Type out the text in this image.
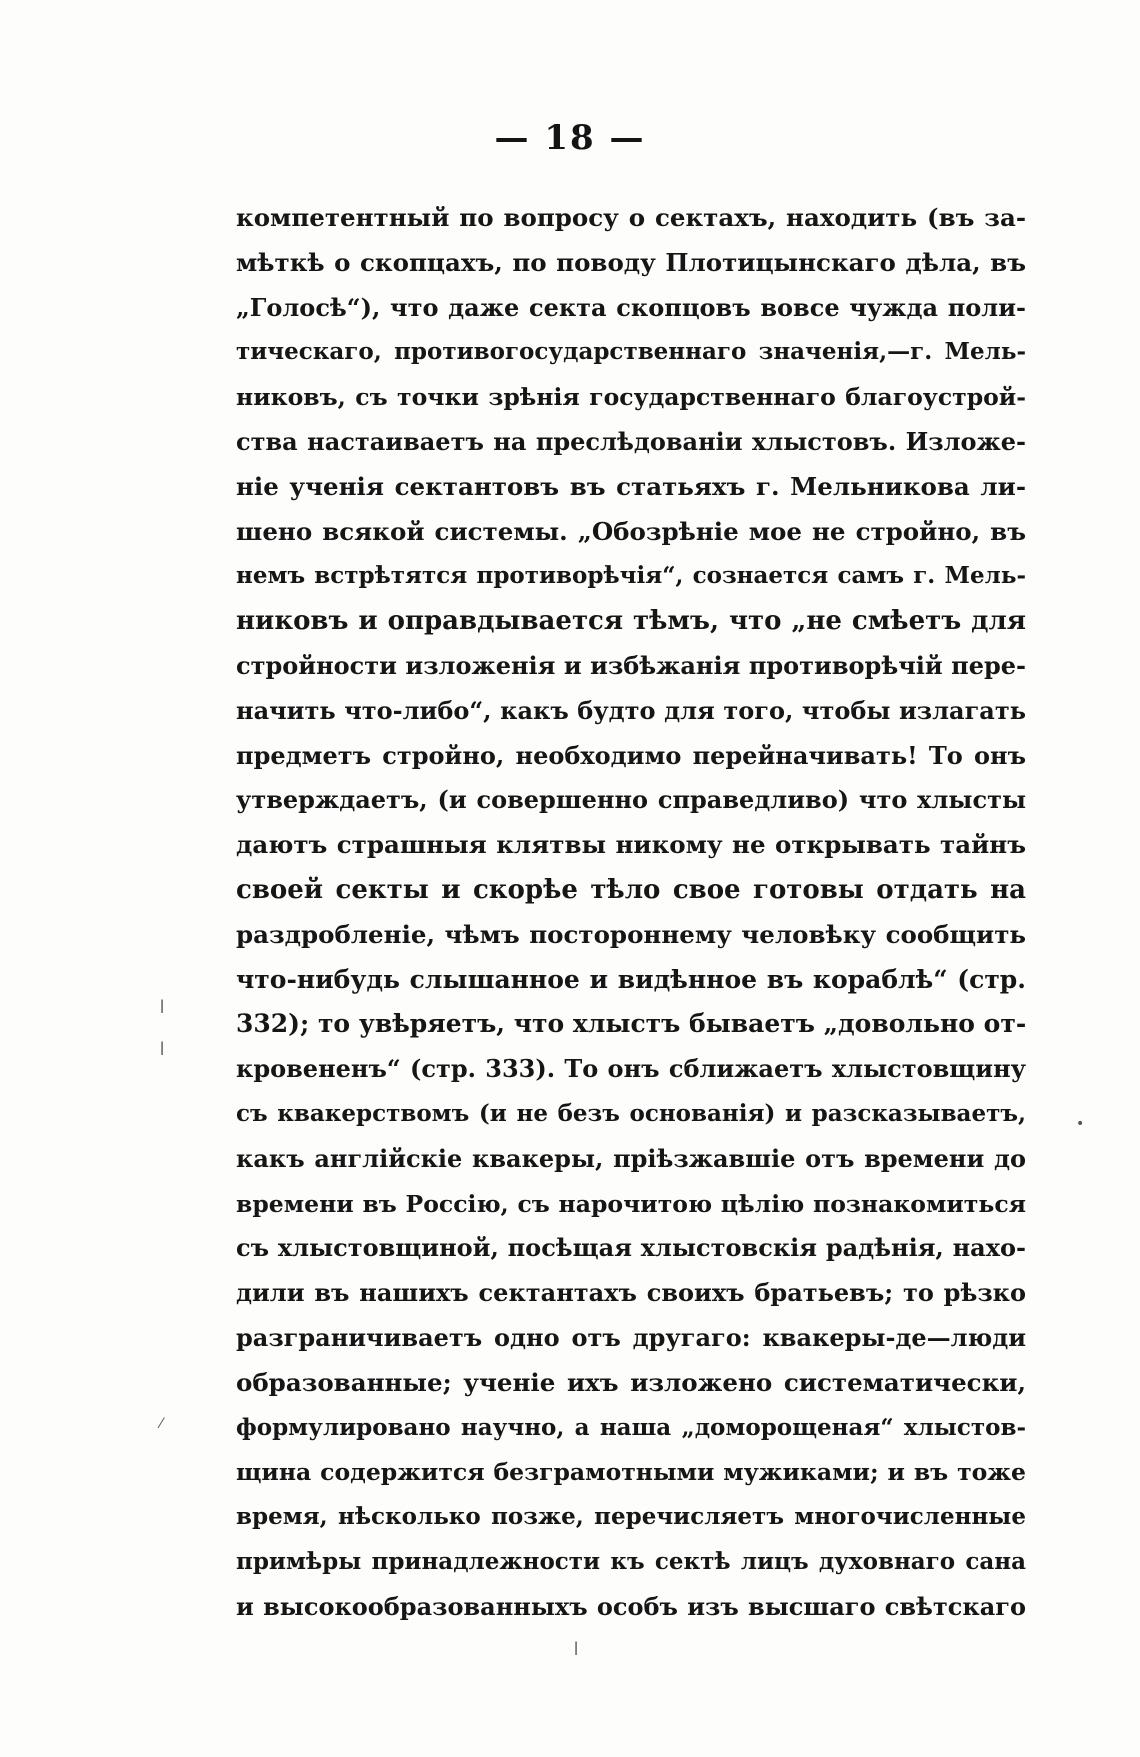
— 18 —
компетентный по вопросу о сектахъ, находить (въ за-
мѣткѣ о скопцахъ, по поводу Плотицынскаго дѣла, въ
„Голосѣ“), что даже секта скопцовъ вовсе чужда поли-
тическаго, противогосударственнаго значенія,—г. Мель-
никовъ, съ точки зрѣнія государственнаго благоустрой-
ства настаиваетъ на преслѣдованіи хлыстовъ. Изложе-
ніе ученія сектантовъ въ статьяхъ г. Мельникова ли-
шено всякой системы. „Обозрѣніе мое не стройно, въ
немъ встрѣтятся противорѣчія“, сознается самъ г. Мель-
никовъ и оправдывается тѣмъ, что „не смѣетъ для
стройности изложенія и избѣжанія противорѣчій пере-
начить что-либо“, какъ будто для того, чтобы излагать
предметъ стройно, необходимо перейначивать! То онъ
утверждаетъ, (и совершенно справедливо) что хлысты
даютъ страшныя клятвы никому не открывать тайнъ
своей секты и скорѣе тѣло свое готовы отдать на
раздробленіе, чѣмъ постороннему человѣку сообщить
что-нибудь слышанное и видѣнное въ кораблѣ“ (стр.
332); то увѣряетъ, что хлыстъ бываетъ „довольно от-
кровененъ“ (стр. 333). То онъ сближаетъ хлыстовщину
съ квакерствомъ (и не безъ основанія) и разсказываетъ,
какъ англійскіе квакеры, пріѣзжавшіе отъ времени до
времени въ Россію, съ нарочитою цѣлію познакомиться
съ хлыстовщиной, посѣщая хлыстовскія радѣнія, нахо-
дили въ нашихъ сектантахъ своихъ братьевъ; то рѣзко
разграничиваетъ одно отъ другаго: квакеры-де—люди
образованные; ученіе ихъ изложено систематически,
формулировано научно, а наша „доморощеная“ хлыстов-
щина содержится безграмотными мужиками; и въ тоже
время, нѣсколько позже, перечисляетъ многочисленные
примѣры принадлежности къ сектѣ лицъ духовнаго сана
и высокообразованныхъ особъ изъ высшаго свѣтскаго
ǀ
ǀ
•
⁄
ǀ
